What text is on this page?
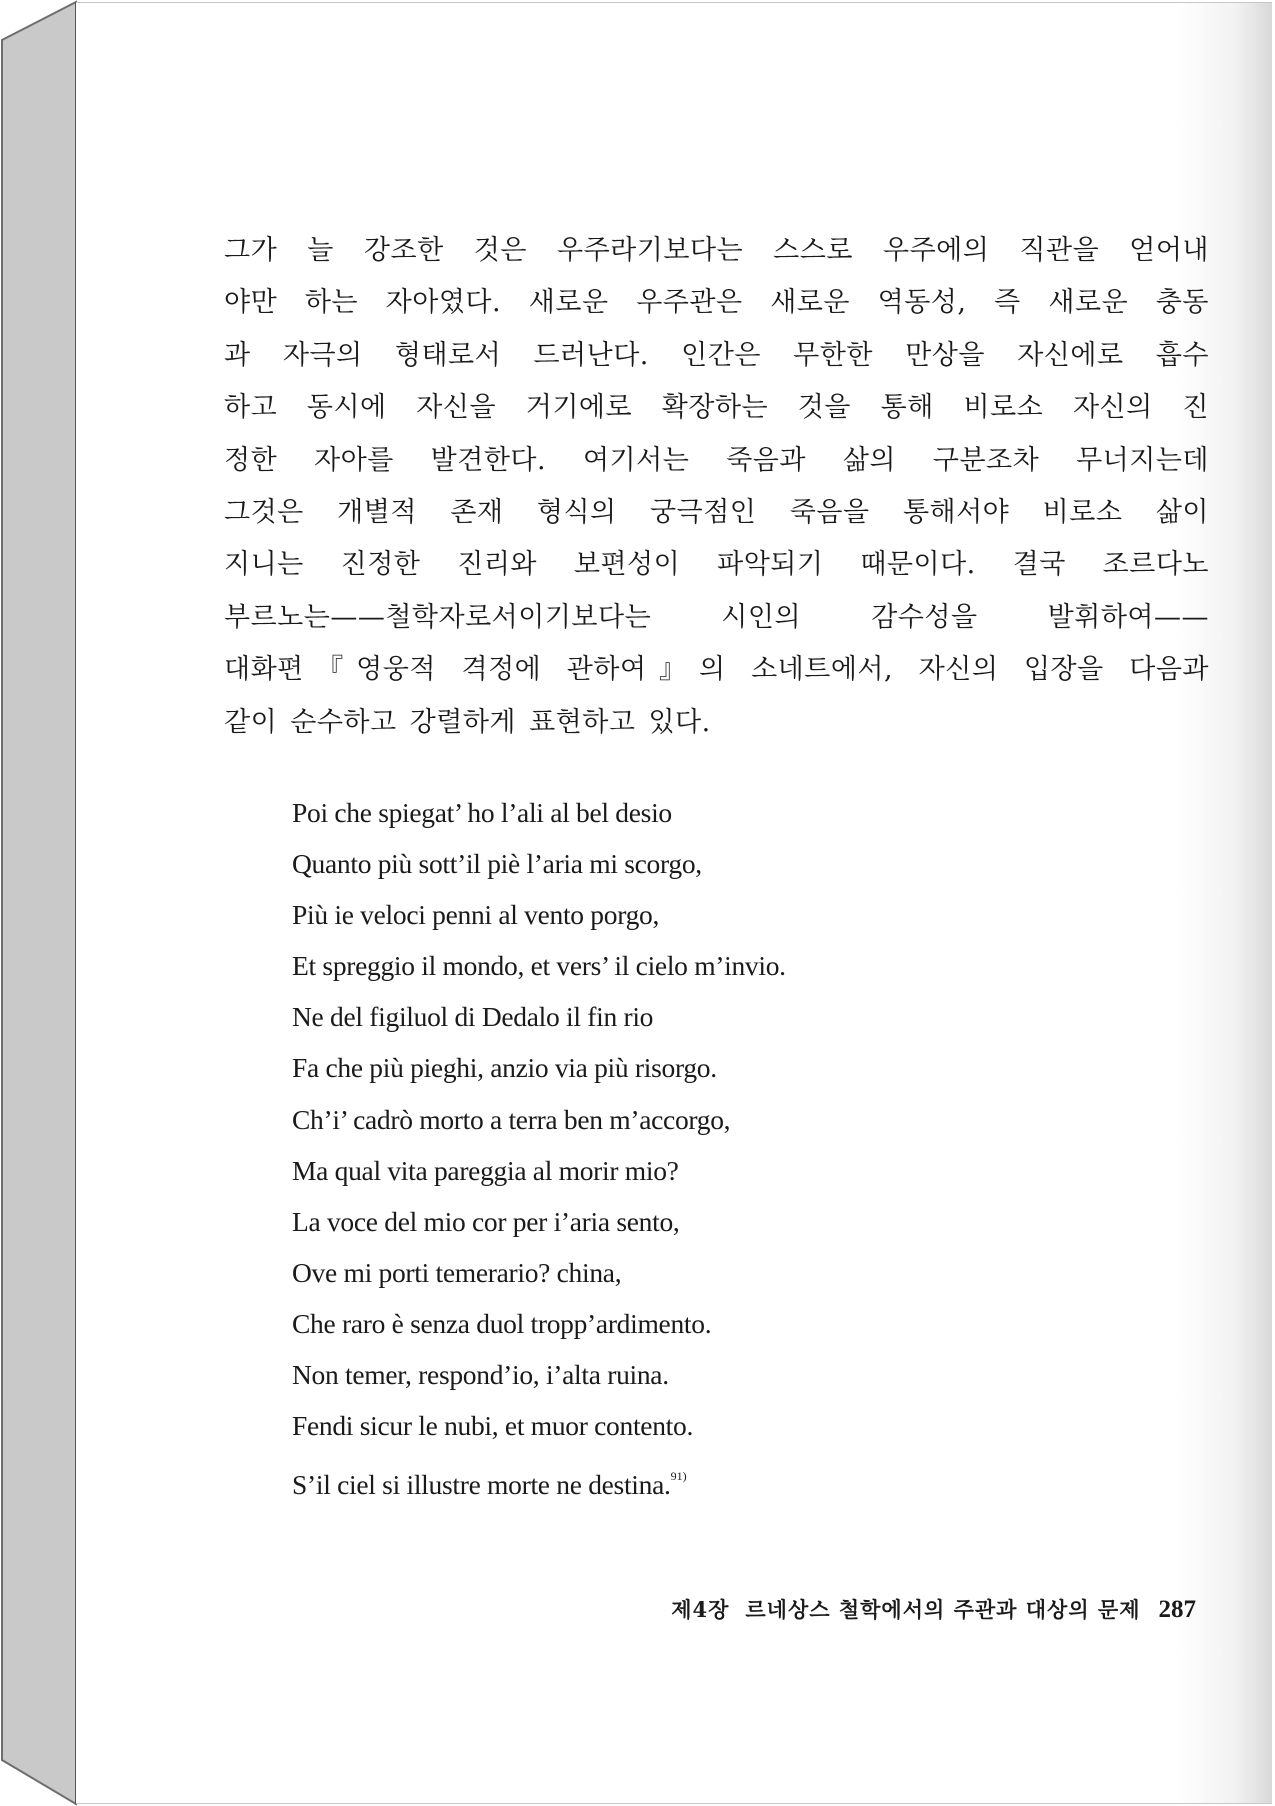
그가 늘 강조한 것은 우주라기보다는 스스로 우주에의 직관을 얻어내
야만 하는 자아였다. 새로운 우주관은 새로운 역동성, 즉 새로운 충동
과 자극의 형태로서 드러난다. 인간은 무한한 만상을 자신에로 흡수
하고 동시에 자신을 거기에로 확장하는 것을 통해 비로소 자신의 진
정한 자아를 발견한다. 여기서는 죽음과 삶의 구분조차 무너지는데
그것은 개별적 존재 형식의 궁극점인 죽음을 통해서야 비로소 삶이
지니는 진정한 진리와 보편성이 파악되기 때문이다. 결국 조르다노
부르노는——철학자로서이기보다는 시인의 감수성을 발휘하여——
대화편『영웅적 격정에 관하여』의 소네트에서, 자신의 입장을 다음과
같이 순수하고 강렬하게 표현하고 있다.
Poi che spiegat’ ho l’ali al bel desio
Quanto più sott’il piè l’aria mi scorgo,
Più ie veloci penni al vento porgo,
Et spreggio il mondo, et vers’ il cielo m’invio.
Ne del figiluol di Dedalo il fin rio
Fa che più pieghi, anzio via più risorgo.
Ch’i’ cadrò morto a terra ben m’accorgo,
Ma qual vita pareggia al morir mio?
La voce del mio cor per i’aria sento,
Ove mi porti temerario? china,
Che raro è senza duol tropp’ardimento.
Non temer, respond’io, i’alta ruina.
Fendi sicur le nubi, et muor contento.
S’il ciel si illustre morte ne destina.$^{91)}$
제4장 르네상스 철학에서의 주관과 대상의 문제 287
